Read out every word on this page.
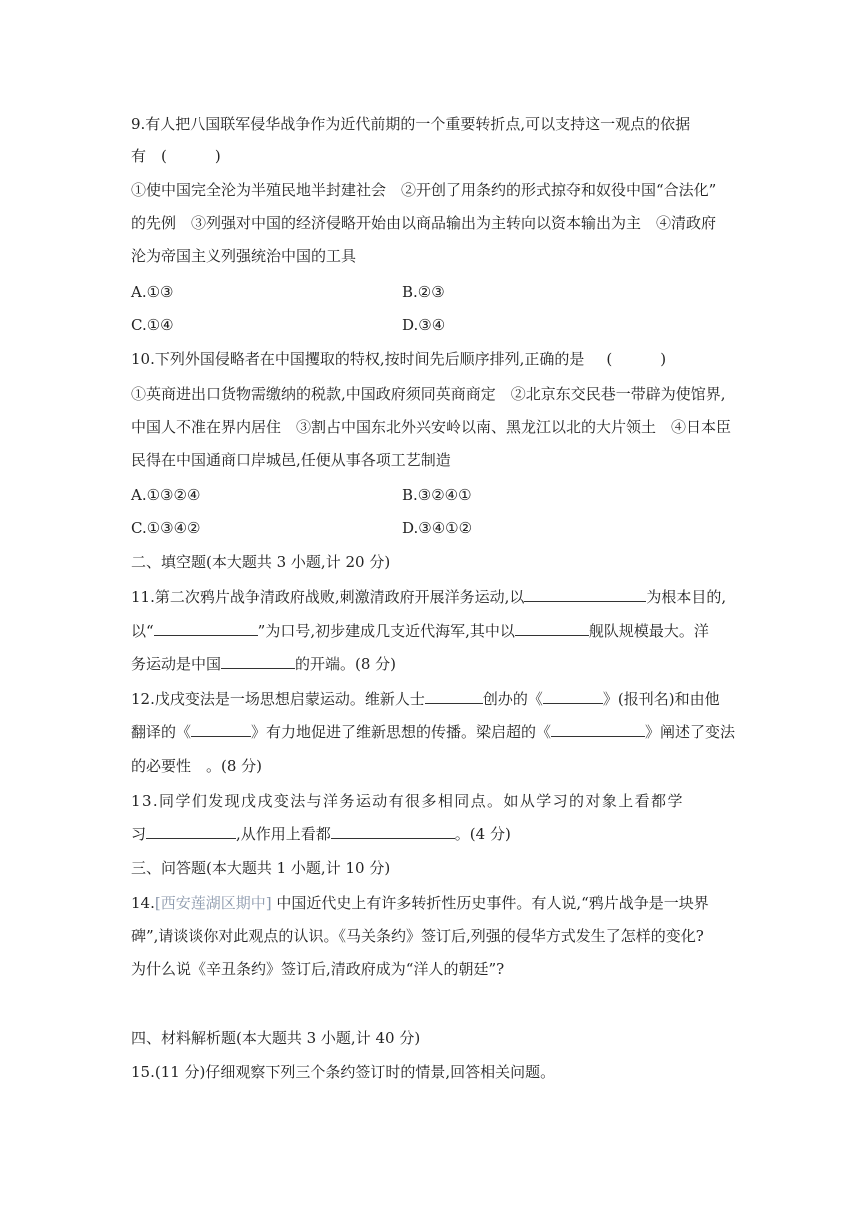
9.有人把八国联军侵华战争作为近代前期的一个重要转折点,可以支持这一观点的依据
有　(	)
①使中国完全沦为半殖民地半封建社会　②开创了用条约的形式掠夺和奴役中国“合法化”
的先例　③列强对中国的经济侵略开始由以商品输出为主转向以资本输出为主　④清政府
沦为帝国主义列强统治中国的工具
A.①③	B.②③
C.①④	D.③④
10.下列外国侵略者在中国攫取的特权,按时间先后顺序排列,正确的是 (	)
①英商进出口货物需缴纳的税款,中国政府须同英商商定　②北京东交民巷一带辟为使馆界,
中国人不准在界内居住　③割占中国东北外兴安岭以南、黑龙江以北的大片领土　④日本臣
民得在中国通商口岸城邑,任便从事各项工艺制造
A.①③②④	B.③②④①
C.①③④②	D.③④①②
二、填空题(本大题共 3 小题,计 20 分)
11.第二次鸦片战争清政府战败,刺激清政府开展洋务运动,以	为根本目的,
以“	”为口号,初步建成几支近代海军,其中以	舰队规模最大。洋
务运动是中国	的开端。(8 分)
12.戊戌变法是一场思想启蒙运动。维新人士	创办的《	》(报刊名)和由他
翻译的《	》有力地促进了维新思想的传播。梁启超的《	》阐述了变法
的必要性　。(8 分)
13.同学们发现戊戌变法与洋务运动有很多相同点。如从学习的对象上看都学
习	,从作用上看都	。(4 分)
三、问答题(本大题共 1 小题,计 10 分)
14.[西安莲湖区期中] 中国近代史上有许多转折性历史事件。有人说,“鸦片战争是一块界
碑”,请谈谈你对此观点的认识。《马关条约》签订后,列强的侵华方式发生了怎样的变化?
为什么说《辛丑条约》签订后,清政府成为“洋人的朝廷”?
四、材料解析题(本大题共 3 小题,计 40 分)
15.(11 分)仔细观察下列三个条约签订时的情景,回答相关问题。
